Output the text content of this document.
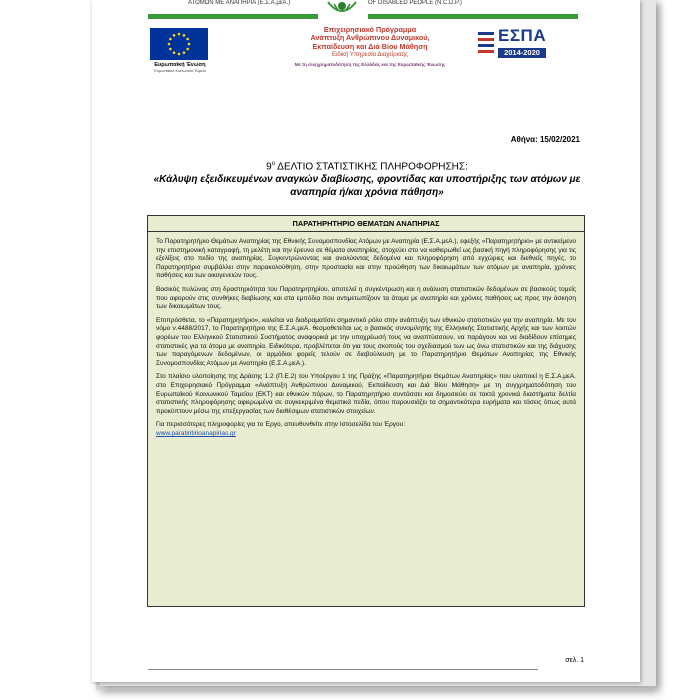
ΑΤΟΜΩΝ ΜΕ ΑΝΑΠΗΡΙΑ (Ε.Σ.Α.μεΑ.)	OF DISABLED PEOPLE (N.C.D.P.)
Ευρωπαϊκή Ένωση
Ευρωπαϊκό Κοινωνικό Ταμείο
Επιχειρησιακό Πρόγραμμα
Ανάπτυξη Ανθρώπινου Δυναμικού,
Εκπαίδευση και Διά Βίου Μάθηση
Ειδική Υπηρεσία Διαχείρισης
Με τη συγχρηματοδότηση της Ελλάδας και της Ευρωπαϊκής Ένωσης
ΕΣΠΑ
2014-2020
Αθήνα: 15/02/2021
$9^o$ ΔΕΛΤΙΟ ΣΤΑΤΙΣΤΙΚΗΣ ΠΛΗΡΟΦΟΡΗΣΗΣ:
«Κάλυψη εξειδικευμένων αναγκών διαβίωσης, φροντίδας και υποστήριξης των ατόμων με αναπηρία ή/και χρόνια πάθηση»
ΠΑΡΑΤΗΡΗΤΗΡΙΟ ΘΕΜΑΤΩΝ ΑΝΑΠΗΡΙΑΣ

Το Παρατηρητήριο Θεμάτων Αναπηρίας της Εθνικής Συνομοσπονδίας Ατόμων με Αναπηρία (Ε.Σ.Α.μεΑ.), εφεξής «Παρατηρητήριο» με αντικείμενο την επιστημονική καταγραφή, τη μελέτη και την έρευνα σε θέματα αναπηρίας, στοχεύει στο να καθιερωθεί ως βασική πηγή πληροφόρησης για τις εξελίξεις στο πεδίο της αναπηρίας. Συγκεντρώνοντας και αναλύοντας δεδομένα και πληροφόρηση από εγχώριες και διεθνείς πηγές, το Παρατηρητήριο συμβάλλει στην παρακολούθηση, στην προστασία και στην προώθηση των δικαιωμάτων των ατόμων με αναπηρία, χρόνιες παθήσεις και των οικογενειών τους.

Βασικός πυλώνας στη δραστηριότητα του Παρατηρητηρίου, αποτελεί η συγκέντρωση και η ανάλυση στατιστικών δεδομένων σε βασικούς τομείς που αφορούν στις συνθήκες διαβίωσης και στα εμπόδια που αντιμετωπίζουν τα άτομα με αναπηρία και χρόνιες παθήσεις ως προς την άσκηση των δικαιωμάτων τους.

Επιπρόσθετα, το «Παρατηρητήριο», καλείται να διαδραματίσει σημαντικό ρόλο στην ανάπτυξη των εθνικών στατιστικών για την αναπηρία. Με τον νόμο ν.4488/2017, το Παρατηρητήριο της Ε.Σ.Α.μεΑ. θεσμοθετείται ως ο βασικός συνομιλητής της Ελληνικής Στατιστικής Αρχής και των λοιπών φορέων του Ελληνικού Στατιστικού Συστήματος αναφορικά με την υποχρέωσή τους να αναπτύσσουν, να παράγουν και να διαδίδουν επίσημες στατιστικές για τα άτομα με αναπηρία. Ειδικότερα, προβλέπεται ότι για τους σκοπούς του σχεδιασμού των ως άνω στατιστικών και της διάχυσης των παραγόμενων δεδομένων, οι αρμόδιοι φορείς τελούν σε διαβούλευση με το Παρατηρητήριο Θεμάτων Αναπηρίας της Εθνικής Συνομοσπονδίας Ατόμων με Αναπηρία (Ε.Σ.Α.μεΑ.).

Στο πλαίσιο υλοποίησης της Δράσης 1.2 (Π.Ε.2) του Υποέργου 1 της Πράξης «Παρατηρητήριο Θεμάτων Αναπηρίας» που υλοποιεί η Ε.Σ.Α.μεΑ. στο Επιχειρησιακό Πρόγραμμα «Ανάπτυξη Ανθρώπινου Δυναμικού, Εκπαίδευση και Διά Βίου Μάθηση» με τη συγχρηματοδότηση του Ευρωπαϊκού Κοινωνικού Ταμείου (ΕΚΤ) και εθνικών πόρων, το Παρατηρητήριο συντάσσει και δημοσιεύει σε τακτά χρονικά διαστήματα δελτία στατιστικής πληροφόρησης αφιερωμένα σε συγκεκριμένα θεματικά πεδία, όπου παρουσιάζει τα σημαντικότερα ευρήματα και τάσεις όπως αυτά προκύπτουν μέσω της επεξεργασίας των διαθέσιμων στατιστικών στοιχείων.

Για περισσότερες πληροφορίες για το Έργο, απευθυνθείτε στην Ιστοσελίδα του Έργου:
www.paratiritirioanapirias.gr

σελ. 1
